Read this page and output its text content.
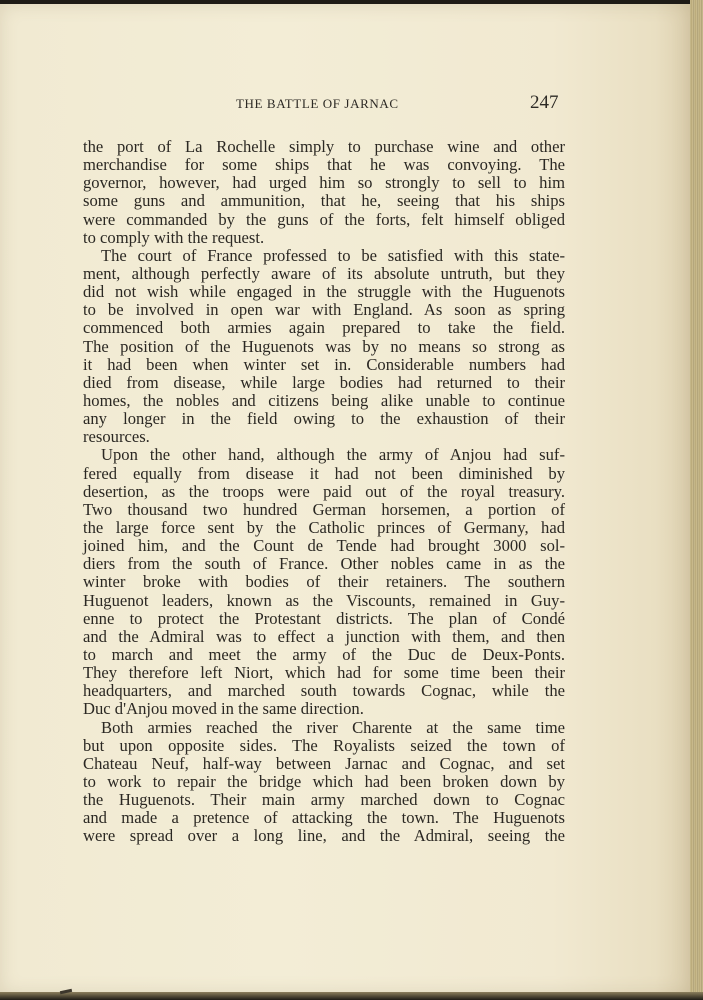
THE BATTLE OF JARNAC	247
the port of La Rochelle simply to purchase wine and other
merchandise for some ships that he was convoying. The
governor, however, had urged him so strongly to sell to him
some guns and ammunition, that he, seeing that his ships
were commanded by the guns of the forts, felt himself obliged
to comply with the request.
The court of France professed to be satisfied with this state-
ment, although perfectly aware of its absolute untruth, but they
did not wish while engaged in the struggle with the Huguenots
to be involved in open war with England. As soon as spring
commenced both armies again prepared to take the field.
The position of the Huguenots was by no means so strong as
it had been when winter set in. Considerable numbers had
died from disease, while large bodies had returned to their
homes, the nobles and citizens being alike unable to continue
any longer in the field owing to the exhaustion of their
resources.
Upon the other hand, although the army of Anjou had suf-
fered equally from disease it had not been diminished by
desertion, as the troops were paid out of the royal treasury.
Two thousand two hundred German horsemen, a portion of
the large force sent by the Catholic princes of Germany, had
joined him, and the Count de Tende had brought 3000 sol-
diers from the south of France. Other nobles came in as the
winter broke with bodies of their retainers. The southern
Huguenot leaders, known as the Viscounts, remained in Guy-
enne to protect the Protestant districts. The plan of Condé
and the Admiral was to effect a junction with them, and then
to march and meet the army of the Duc de Deux-Ponts.
They therefore left Niort, which had for some time been their
headquarters, and marched south towards Cognac, while the
Duc d'Anjou moved in the same direction.
Both armies reached the river Charente at the same time
but upon opposite sides. The Royalists seized the town of
Chateau Neuf, half-way between Jarnac and Cognac, and set
to work to repair the bridge which had been broken down by
the Huguenots. Their main army marched down to Cognac
and made a pretence of attacking the town. The Huguenots
were spread over a long line, and the Admiral, seeing the
